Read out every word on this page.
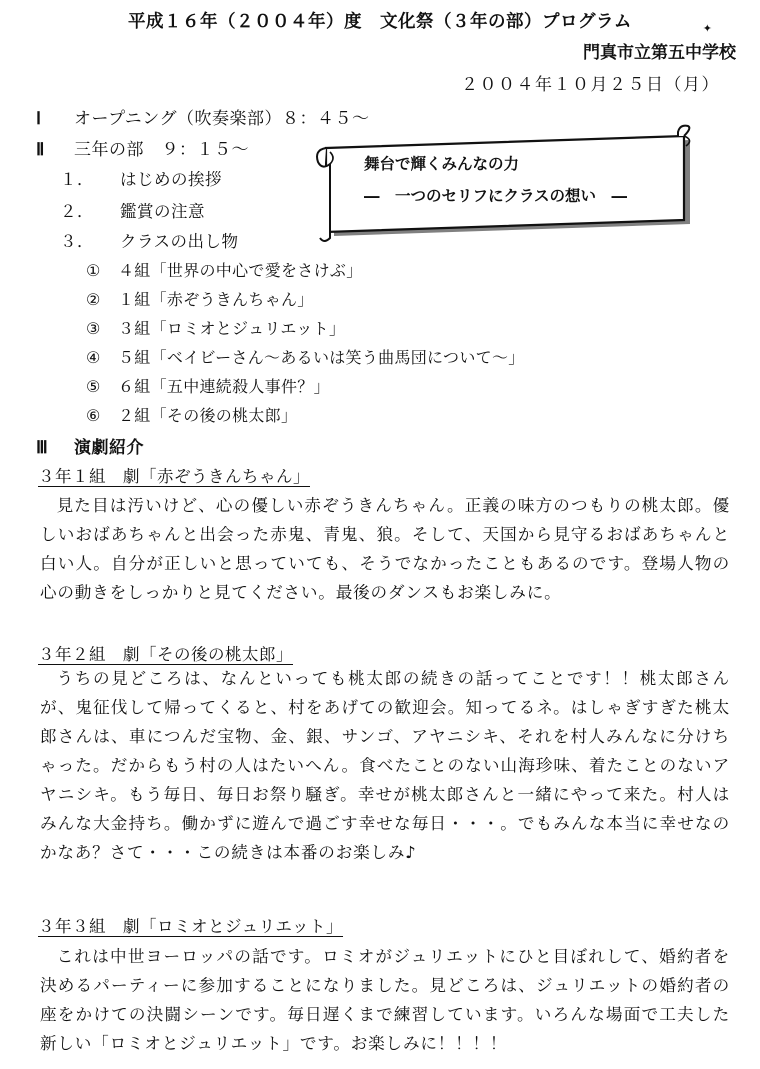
平成１６年（２００４年）度　文化祭（３年の部）プログラム	✦
門真市立第五中学校
２００４年１０月２５日（月）
Ⅰ オープニング（吹奏楽部）８：４５～
Ⅱ 三年の部　９：１５～
１． はじめの挨拶
２． 鑑賞の注意
３． クラスの出し物
① ４組「世界の中心で愛をさけぶ」
② １組「赤ぞうきんちゃん」
③ ３組「ロミオとジュリエット」
④ ５組「ベイビーさん～あるいは笑う曲馬団について～」
⑤ ６組「五中連続殺人事件？」
⑥ ２組「その後の桃太郎」
舞台で輝くみんなの力
―　一つのセリフにクラスの想い　―
Ⅲ 演劇紹介
３年１組　劇「赤ぞうきんちゃん」

見た目は汚いけど、心の優しい赤ぞうきんちゃん。正義の味方のつもりの桃太郎。優しいおばあちゃんと出会った赤鬼、青鬼、狼。そして、天国から見守るおばあちゃんと白い人。自分が正しいと思っていても、そうでなかったこともあるのです。登場人物の心の動きをしっかりと見てください。最後のダンスもお楽しみに。

３年２組　劇「その後の桃太郎」

うちの見どころは、なんといっても桃太郎の続きの話ってことです！！桃太郎さんが、鬼征伐して帰ってくると、村をあげての歓迎会。知ってるネ。はしゃぎすぎた桃太郎さんは、車につんだ宝物、金、銀、サンゴ、アヤニシキ、それを村人みんなに分けちゃった。だからもう村の人はたいへん。食べたことのない山海珍味、着たことのないアヤニシキ。もう毎日、毎日お祭り騒ぎ。幸せが桃太郎さんと一緒にやって来た。村人はみんな大金持ち。働かずに遊んで過ごす幸せな毎日・・・。でもみんな本当に幸せなのかなあ？さて・・・この続きは本番のお楽しみ♪

３年３組　劇「ロミオとジュリエット」

これは中世ヨーロッパの話です。ロミオがジュリエットにひと目ぼれして、婚約者を決めるパーティーに参加することになりました。見どころは、ジュリエットの婚約者の座をかけての決闘シーンです。毎日遅くまで練習しています。いろんな場面で工夫した新しい「ロミオとジュリエット」です。お楽しみに！！！！
